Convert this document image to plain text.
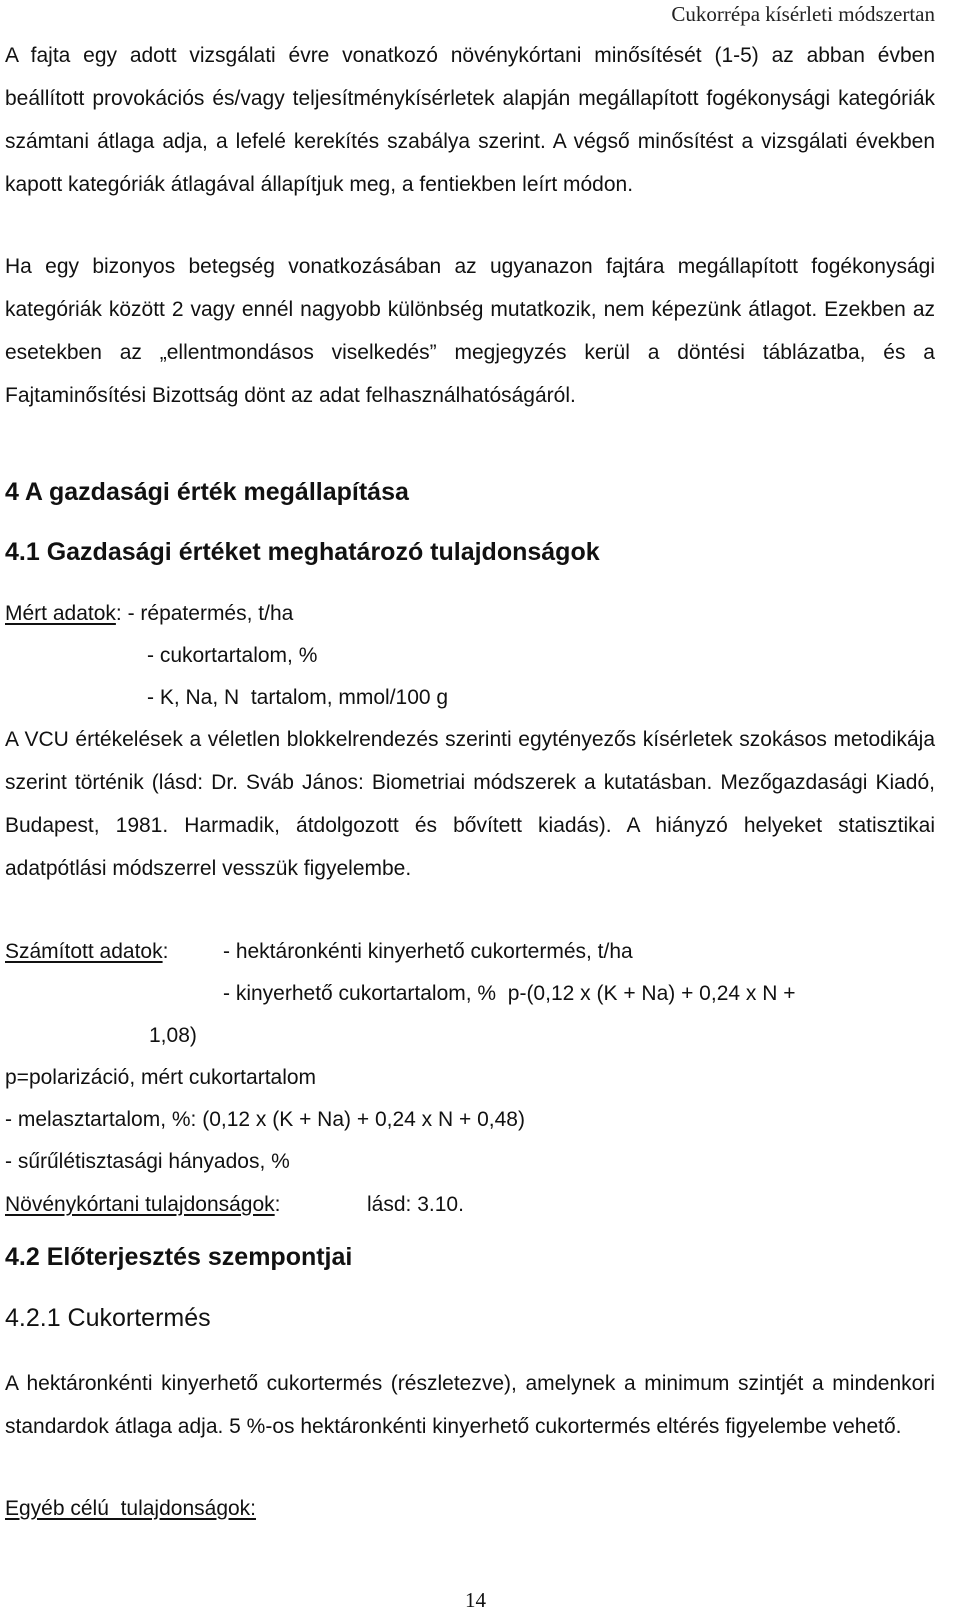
Cukorrépa kísérleti módszertan

A fajta egy adott vizsgálati évre vonatkozó növénykórtani minősítését (1-5) az abban évben beállított provokációs és/vagy teljesítménykísérletek alapján megállapított fogékonysági kategóriák számtani átlaga adja, a lefelé kerekítés szabálya szerint. A végső minősítést a vizsgálati években kapott kategóriák átlagával állapítjuk meg, a fentiekben leírt módon.

Ha egy bizonyos betegség vonatkozásában az ugyanazon fajtára megállapított fogékonysági kategóriák között 2 vagy ennél nagyobb különbség mutatkozik, nem képezünk átlagot. Ezekben az esetekben az „ellentmondásos viselkedés” megjegyzés kerül a döntési táblázatba, és a Fajtaminősítési Bizottság dönt az adat felhasználhatóságáról.

4 A gazdasági érték megállapítása
4.1 Gazdasági értéket meghatározó tulajdonságok
Mért adatok: - répatermés, t/ha
- cukortartalom, %
- K, Na, N  tartalom, mmol/100 g

A VCU értékelések a véletlen blokkelrendezés szerinti egytényezős kísérletek szokásos metodikája szerint történik (lásd: Dr. Sváb János: Biometriai módszerek a kutatásban. Mezőgazdasági Kiadó, Budapest, 1981. Harmadik, átdolgozott és bővített kiadás). A hiányzó helyeket statisztikai adatpótlási módszerrel vesszük figyelembe.

Számított adatok:	- hektáronkénti kinyerhető cukortermés, t/ha
- kinyerhető cukortartalom, %  p-(0,12 x (K + Na) + 0,24 x N +
1,08)
p=polarizáció, mért cukortartalom
- melasztartalom, %: (0,12 x (K + Na) + 0,24 x N + 0,48)
- sűrűlétisztasági hányados, %
Növénykórtani tulajdonságok:	lásd: 3.10.
4.2 Előterjesztés szempontjai
4.2.1 Cukortermés

A hektáronkénti kinyerhető cukortermés (részletezve), amelynek a minimum szintjét a mindenkori standardok átlaga adja. 5 %-os hektáronkénti kinyerhető cukortermés eltérés figyelembe vehető.

Egyéb célú  tulajdonságok:
14
